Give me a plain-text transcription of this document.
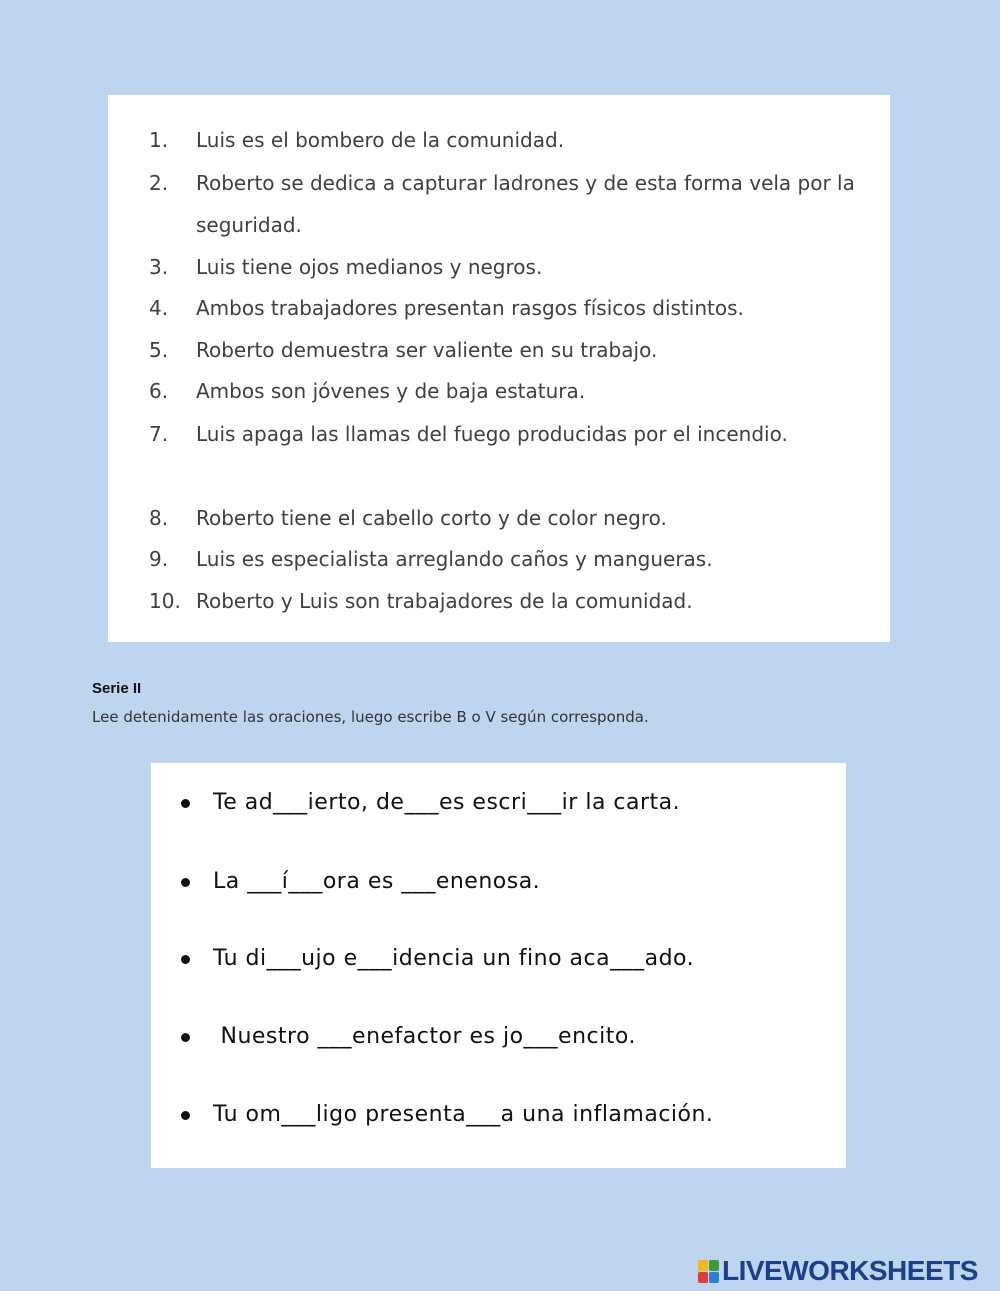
1.	Luis es el bombero de la comunidad.
2.	Roberto se dedica a capturar ladrones y de esta forma vela por la seguridad.
3.	Luis tiene ojos medianos y negros.
4.	Ambos trabajadores presentan rasgos físicos distintos.
5.	Roberto demuestra ser valiente en su trabajo.
6.	Ambos son jóvenes y de baja estatura.
7.	Luis apaga las llamas del fuego producidas por el incendio.
8.	Roberto tiene el cabello corto y de color negro.
9.	Luis es especialista arreglando caños y mangueras.
10. Roberto y Luis son trabajadores de la comunidad.
Serie II
Lee detenidamente las oraciones, luego escribe B o V según corresponda.
Te ad___ierto, de___es escri___ir la carta.
La ___í___ora es ___enenosa.
Tu di___ujo e___idencia un fino aca___ado.
Nuestro ___enefactor es jo___encito.
Tu om___ligo presenta___a una inflamación.
LIVEWORKSHEETS
